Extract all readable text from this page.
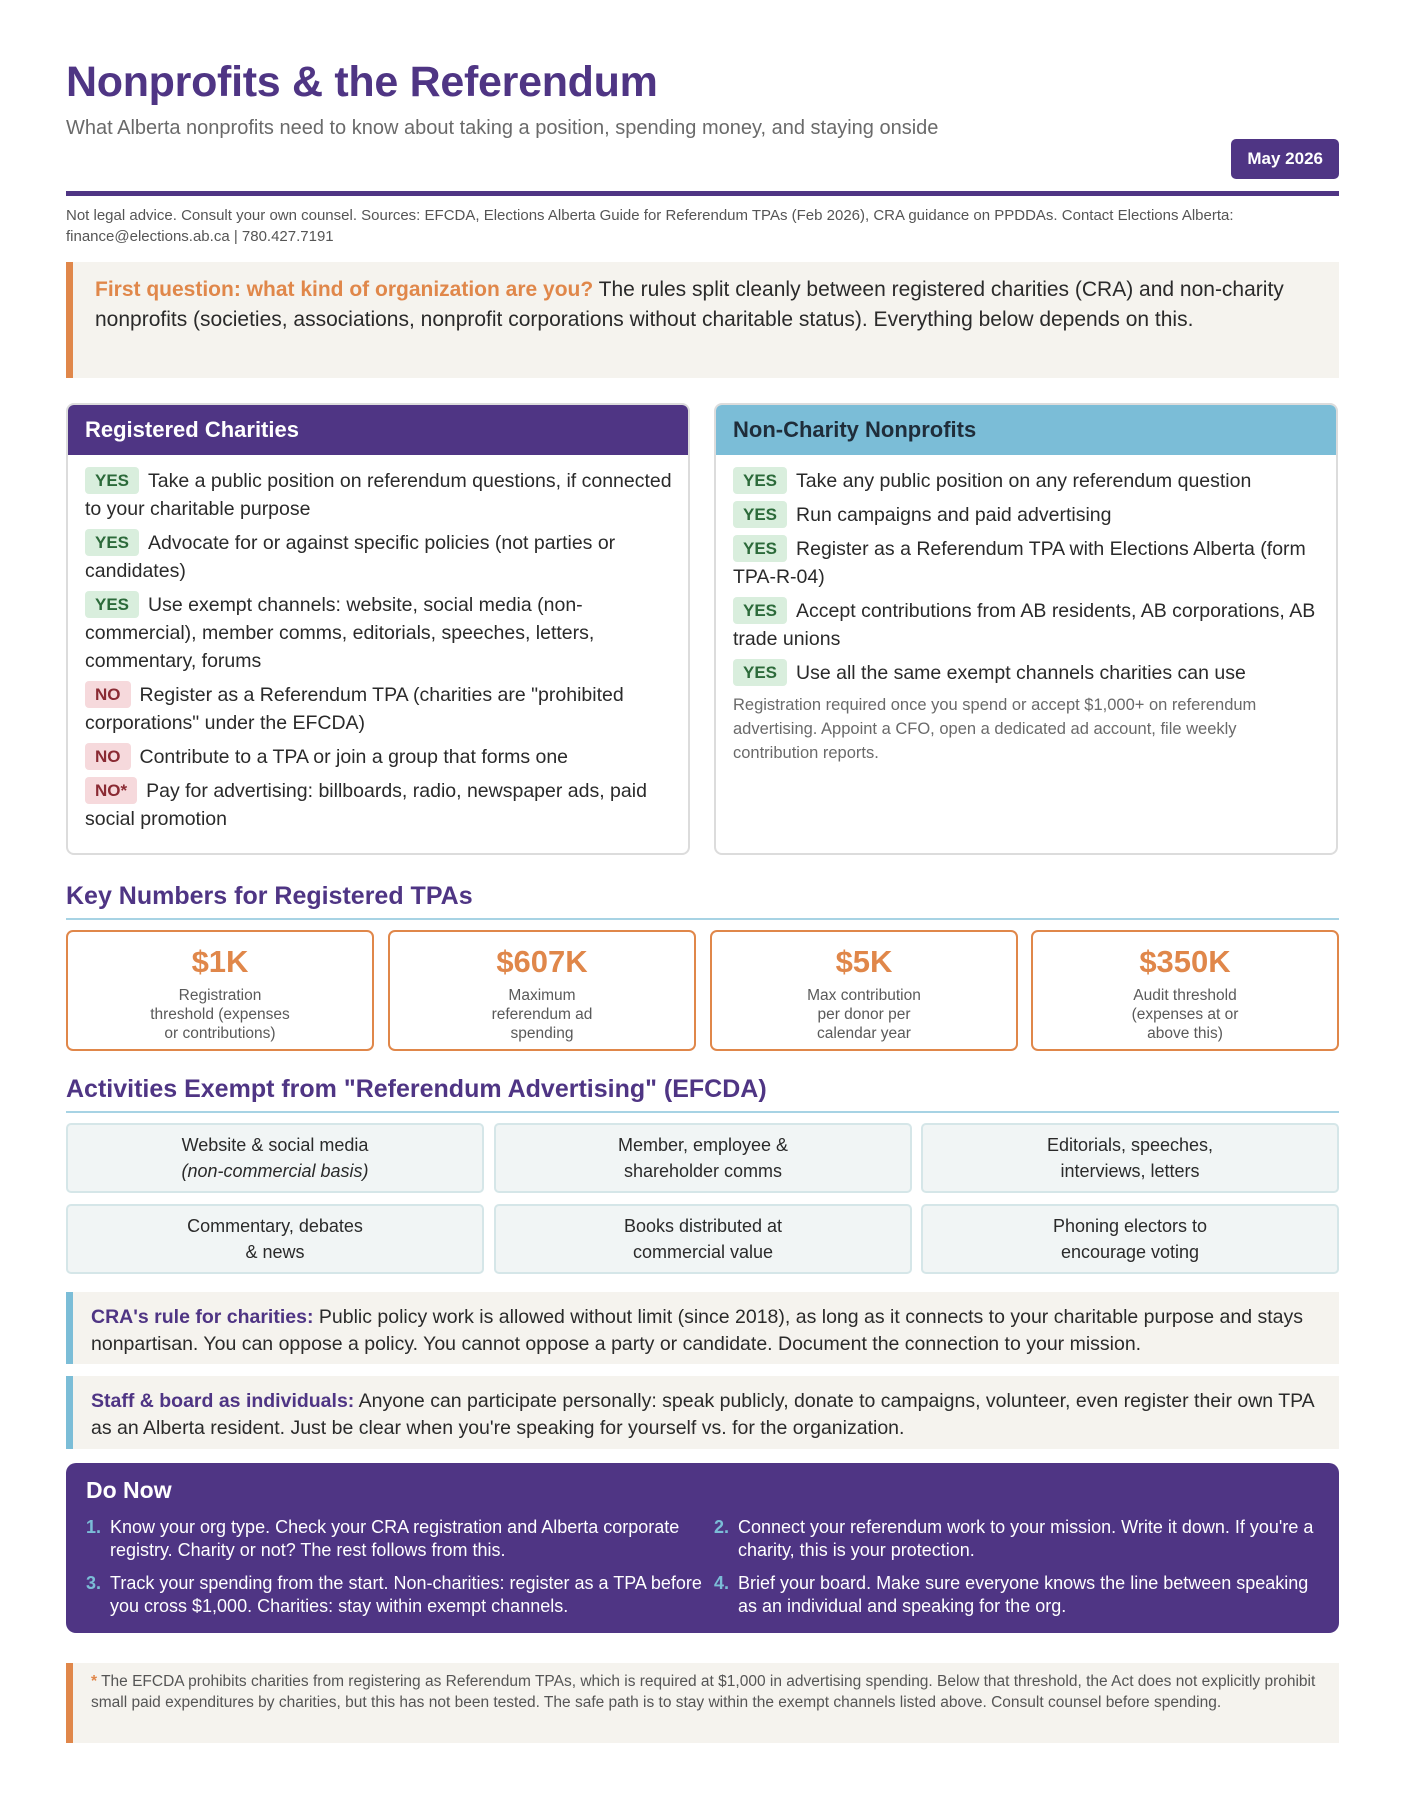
Nonprofits & the Referendum
What Alberta nonprofits need to know about taking a position, spending money, and staying onside
May 2026
Not legal advice. Consult your own counsel. Sources: EFCDA, Elections Alberta Guide for Referendum TPAs (Feb 2026), CRA guidance on PPDDAs. Contact Elections Alberta: finance@elections.ab.ca | 780.427.7191
First question: what kind of organization are you? The rules split cleanly between registered charities (CRA) and non-charity nonprofits (societies, associations, nonprofit corporations without charitable status). Everything below depends on this.
Registered Charities
YES Take a public position on referendum questions, if connected to your charitable purpose
YES Advocate for or against specific policies (not parties or candidates)
YES Use exempt channels: website, social media (non-commercial), member comms, editorials, speeches, letters, commentary, forums
NO Register as a Referendum TPA (charities are "prohibited corporations" under the EFCDA)
NO Contribute to a TPA or join a group that forms one
NO* Pay for advertising: billboards, radio, newspaper ads, paid social promotion
Non-Charity Nonprofits
YES Take any public position on any referendum question
YES Run campaigns and paid advertising
YES Register as a Referendum TPA with Elections Alberta (form TPA-R-04)
YES Accept contributions from AB residents, AB corporations, AB trade unions
YES Use all the same exempt channels charities can use
Registration required once you spend or accept $1,000+ on referendum advertising. Appoint a CFO, open a dedicated ad account, file weekly contribution reports.
Key Numbers for Registered TPAs
$1K
Registration threshold (expenses or contributions)
$607K
Maximum referendum ad spending
$5K
Max contribution per donor per calendar year
$350K
Audit threshold (expenses at or above this)
Activities Exempt from "Referendum Advertising" (EFCDA)
Website & social media
(non-commercial basis)
Member, employee &
shareholder comms
Editorials, speeches,
interviews, letters
Commentary, debates
& news
Books distributed at
commercial value
Phoning electors to
encourage voting
CRA's rule for charities: Public policy work is allowed without limit (since 2018), as long as it connects to your charitable purpose and stays nonpartisan. You can oppose a policy. You cannot oppose a party or candidate. Document the connection to your mission.
Staff & board as individuals: Anyone can participate personally: speak publicly, donate to campaigns, volunteer, even register their own TPA as an Alberta resident. Just be clear when you're speaking for yourself vs. for the organization.
Do Now
1. Know your org type. Check your CRA registration and Alberta corporate registry. Charity or not? The rest follows from this.
2. Connect your referendum work to your mission. Write it down. If you're a charity, this is your protection.
3. Track your spending from the start. Non-charities: register as a TPA before you cross $1,000. Charities: stay within exempt channels.
4. Brief your board. Make sure everyone knows the line between speaking as an individual and speaking for the org.
* The EFCDA prohibits charities from registering as Referendum TPAs, which is required at $1,000 in advertising spending. Below that threshold, the Act does not explicitly prohibit small paid expenditures by charities, but this has not been tested. The safe path is to stay within the exempt channels listed above. Consult counsel before spending.
